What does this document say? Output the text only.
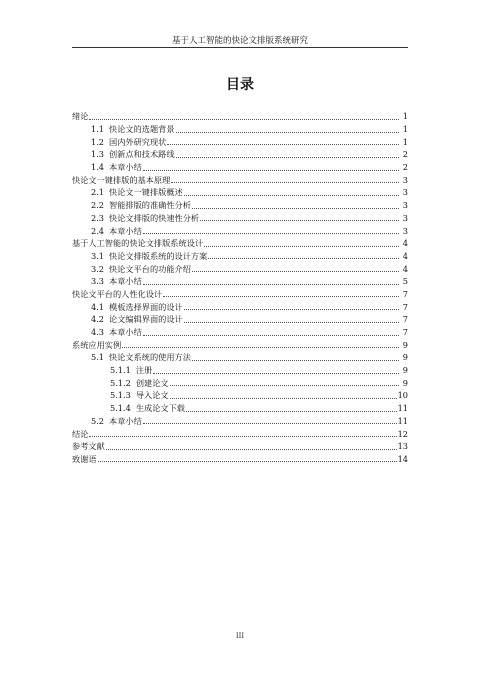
基于人工智能的快论文排版系统研究
目录
绪论	1
1.1 快论文的选题背景	1
1.2 国内外研究现状	1
1.3 创新点和技术路线	2
1.4 本章小结	2
快论文一键排版的基本原理	3
2.1 快论文一键排版概述	3
2.2 智能排版的准确性分析	3
2.3 快论文排版的快速性分析	3
2.4 本章小结	3
基于人工智能的快论文排版系统设计	4
3.1 快论文排版系统的设计方案	4
3.2 快论文平台的功能介绍	4
3.3 本章小结	5
快论文平台的人性化设计	7
4.1 模板选择界面的设计	7
4.2 论文编辑界面的设计	7
4.3 本章小结	7
系统应用实例	9
5.1 快论文系统的使用方法	9
5.1.1 注册	9
5.1.2 创建论文	9
5.1.3 导入论文	10
5.1.4 生成论文下载	11
5.2 本章小结	11
结论	12
参考文献	13
致谢语	14
III
